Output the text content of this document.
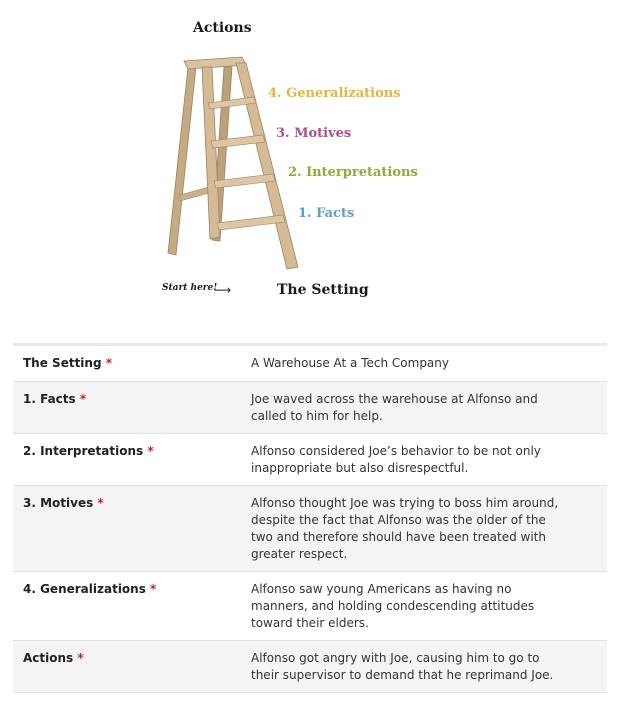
Actions
4. Generalizations
3. Motives
2. Interpretations
1. Facts
Start here!
⟶	The Setting
The Setting *	A Warehouse At a Tech Company
1. Facts *	Joe waved across the warehouse at Alfonso and called to him for help.
2. Interpretations *	Alfonso considered Joe’s behavior to be not only inappropriate but also disrespectful.
3. Motives *	Alfonso thought Joe was trying to boss him around, despite the fact that Alfonso was the older of the two and therefore should have been treated with greater respect.
4. Generalizations *	Alfonso saw young Americans as having no manners, and holding condescending attitudes toward their elders.
Actions *	Alfonso got angry with Joe, causing him to go to their supervisor to demand that he reprimand Joe.
